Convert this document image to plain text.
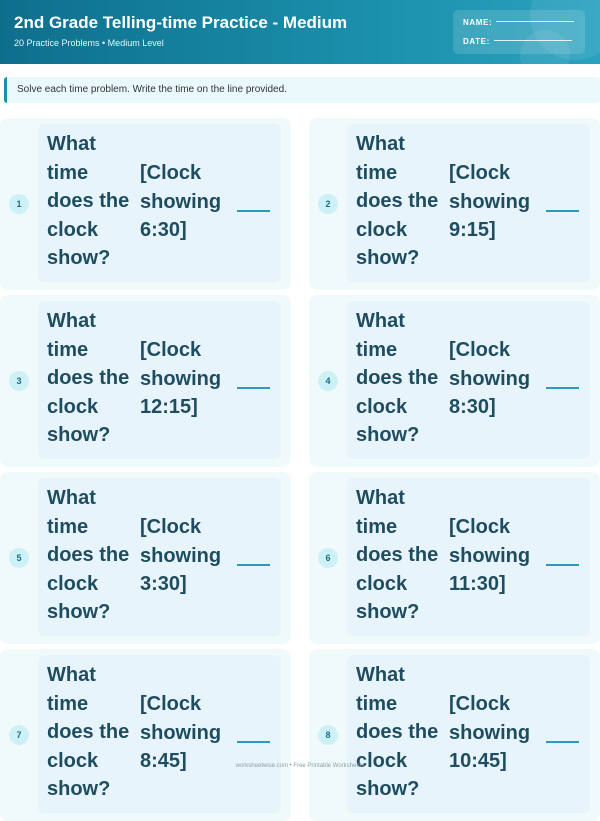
2nd Grade Telling-time Practice - Medium
20 Practice Problems • Medium Level
NAME:
DATE:
Solve each time problem. Write the time on the line provided.
1
What
time
does the
clock
show?
[Clock
showing
6:30]
2
What
time
does the
clock
show?
[Clock
showing
9:15]
3
What
time
does the
clock
show?
[Clock
showing
12:15]
4
What
time
does the
clock
show?
[Clock
showing
8:30]
5
What
time
does the
clock
show?
[Clock
showing
3:30]
6
What
time
does the
clock
show?
[Clock
showing
11:30]
7
What
time
does the
clock
show?
[Clock
showing
8:45]
8
What
time
does the
clock
show?
[Clock
showing
10:45]
worksheetwise.com • Free Printable Worksheets
